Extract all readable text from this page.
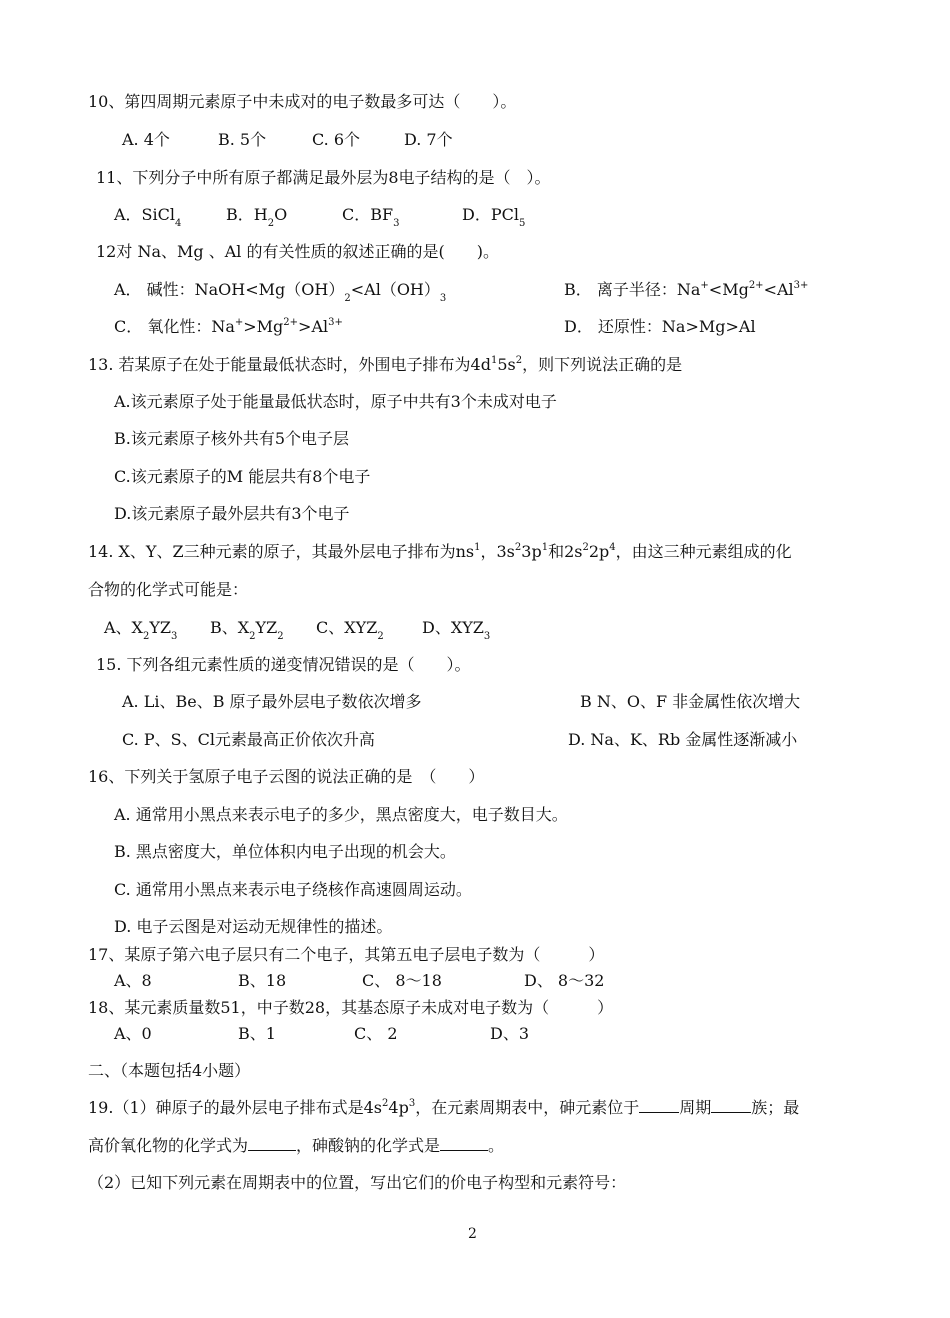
10、第四周期元素原子中未成对的电子数最多可达（　　）。
A. 4个	B. 5个	C. 6个	D. 7个
11、下列分子中所有原子都满足最外层为8电子结构的是（　）。
A．SiCl$_4$	B．$H_2O$	C．$BF_3$	D．PCl$_5$
12对 Na、Mg 、Al 的有关性质的叙述正确的是(　　)。
A． 碱性：$NaOH<Mg(OH)_2<Al(OH)_3$	B． 离子半径：$Na^+<Mg^{2+}<Al^{3+}$
C． 氧化性：$Na^+>Mg^{2+}>Al^{3+}$	D． 还原性：Na>Mg>Al
13. 若某原子在处于能量最低状态时，外围电子排布为$4d^15s^2$，则下列说法正确的是
A.该元素原子处于能量最低状态时，原子中共有3个未成对电子
B.该元素原子核外共有5个电子层
C.该元素原子的M 能层共有8个电子
D.该元素原子最外层共有3个电子
14. X、Y、Z三种元素的原子，其最外层电子排布为$ns^1$，$3s^23p^1$和$2s^22p^4$，由这三种元素组成的化
合物的化学式可能是：
A、$X_2YZ_3$ B、$X_2YZ_2$ C、$XYZ_2$ D、$XYZ_3$
15. 下列各组元素性质的递变情况错误的是（　　）。
A. Li、Be、B 原子最外层电子数依次增多	B N、O、F 非金属性依次增大
C. P、S、Cl元素最高正价依次升高	D. Na、K、Rb 金属性逐渐减小
16、下列关于氢原子电子云图的说法正确的是　（　　）
A. 通常用小黑点来表示电子的多少，黑点密度大，电子数目大。
B. 黑点密度大，单位体积内电子出现的机会大。
C. 通常用小黑点来表示电子绕核作高速圆周运动。
D. 电子云图是对运动无规律性的描述。
17、某原子第六电子层只有二个电子，其第五电子层电子数为（　　　）
A、8	B、18	C、 8～18	D、 8～32
18、某元素质量数51，中子数28，其基态原子未成对电子数为（　　　）
A、0	B、1	C、 2	D、3
二、（本题包括4小题）
19.（1）砷原子的最外层电子排布式是$4s^24p^3$，在元素周期表中，砷元素位于	周期	族；最
高价氧化物的化学式为	，砷酸钠的化学式是	。
（2）已知下列元素在周期表中的位置，写出它们的价电子构型和元素符号：
2
